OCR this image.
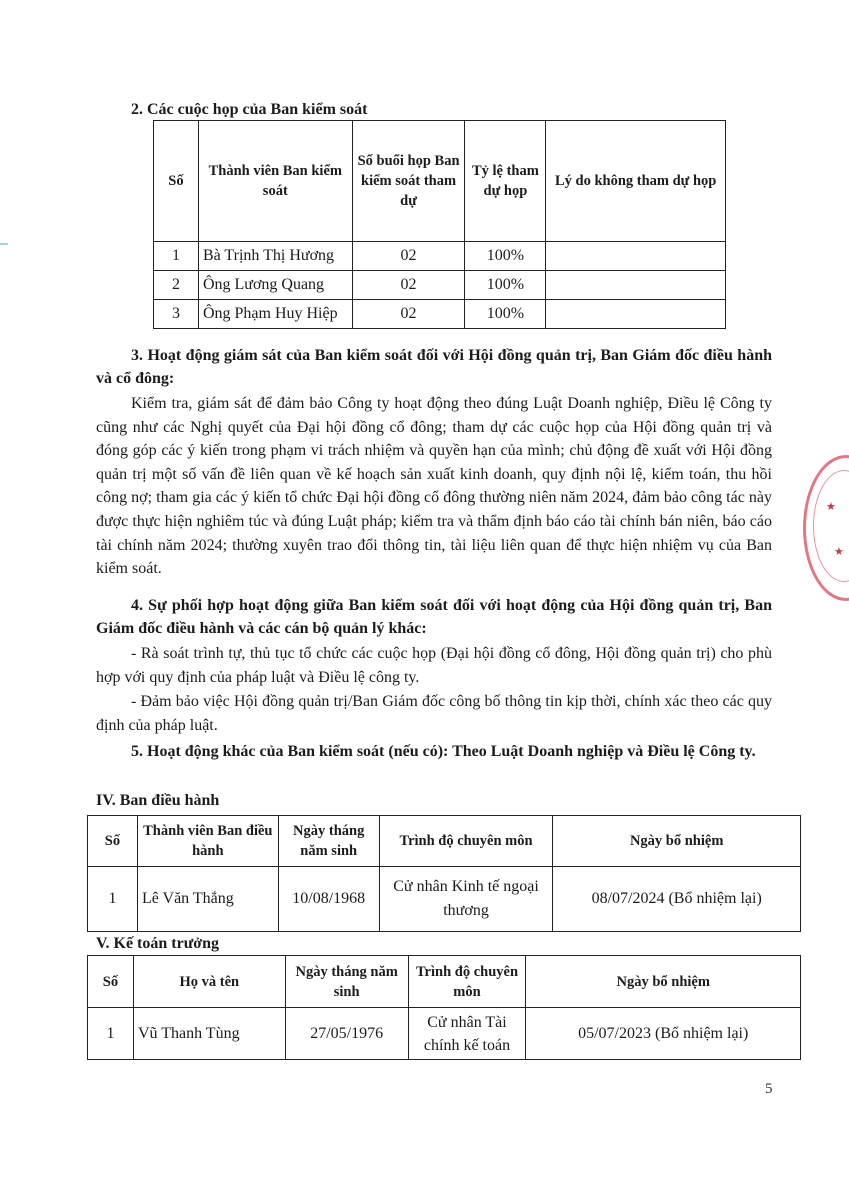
2. Các cuộc họp của Ban kiểm soát
Số	Thành viên Ban kiểm soát	Số buổi họp Ban kiểm soát tham dự	Tỷ lệ tham dự họp	Lý do không tham dự họp
1	Bà Trịnh Thị Hương	02	100%	
2	Ông Lương Quang	02	100%	
3	Ông Phạm Huy Hiệp	02	100%	
3. Hoạt động giám sát của Ban kiểm soát đối với Hội đồng quản trị, Ban Giám đốc điều hành và cổ đông:
Kiểm tra, giám sát để đảm bảo Công ty hoạt động theo đúng Luật Doanh nghiệp, Điều lệ Công ty cũng như các Nghị quyết của Đại hội đồng cổ đông; tham dự các cuộc họp của Hội đồng quản trị và đóng góp các ý kiến trong phạm vi trách nhiệm và quyền hạn của mình; chủ động đề xuất với Hội đồng quản trị một số vấn đề liên quan về kế hoạch sản xuất kinh doanh, quy định nội lệ, kiểm toán, thu hồi công nợ; tham gia các ý kiến tổ chức Đại hội đồng cổ đông thường niên năm 2024, đảm bảo công tác này được thực hiện nghiêm túc và đúng Luật pháp; kiểm tra và thẩm định báo cáo tài chính bán niên, báo cáo tài chính năm 2024; thường xuyên trao đổi thông tin, tài liệu liên quan để thực hiện nhiệm vụ của Ban kiểm soát.
4. Sự phối hợp hoạt động giữa Ban kiểm soát đối với hoạt động của Hội đồng quản trị, Ban Giám đốc điều hành và các cán bộ quản lý khác:
- Rà soát trình tự, thủ tục tổ chức các cuộc họp (Đại hội đồng cổ đông, Hội đồng quản trị) cho phù hợp với quy định của pháp luật và Điều lệ công ty.
- Đảm bảo việc Hội đồng quản trị/Ban Giám đốc công bố thông tin kịp thời, chính xác theo các quy định của pháp luật.
5. Hoạt động khác của Ban kiểm soát (nếu có): Theo Luật Doanh nghiệp và Điều lệ Công ty.
IV. Ban điều hành
Số	Thành viên Ban điều hành	Ngày tháng năm sinh	Trình độ chuyên môn	Ngày bổ nhiệm
1	Lê Văn Thắng	10/08/1968	Cử nhân Kinh tế ngoại thương	08/07/2024 (Bổ nhiệm lại)
V. Kế toán trưởng
Số	Họ và tên	Ngày tháng năm sinh	Trình độ chuyên môn	Ngày bổ nhiệm
1	Vũ Thanh Tùng	27/05/1976	Cử nhân Tài chính kế toán	05/07/2023 (Bổ nhiệm lại)
5
★
★
